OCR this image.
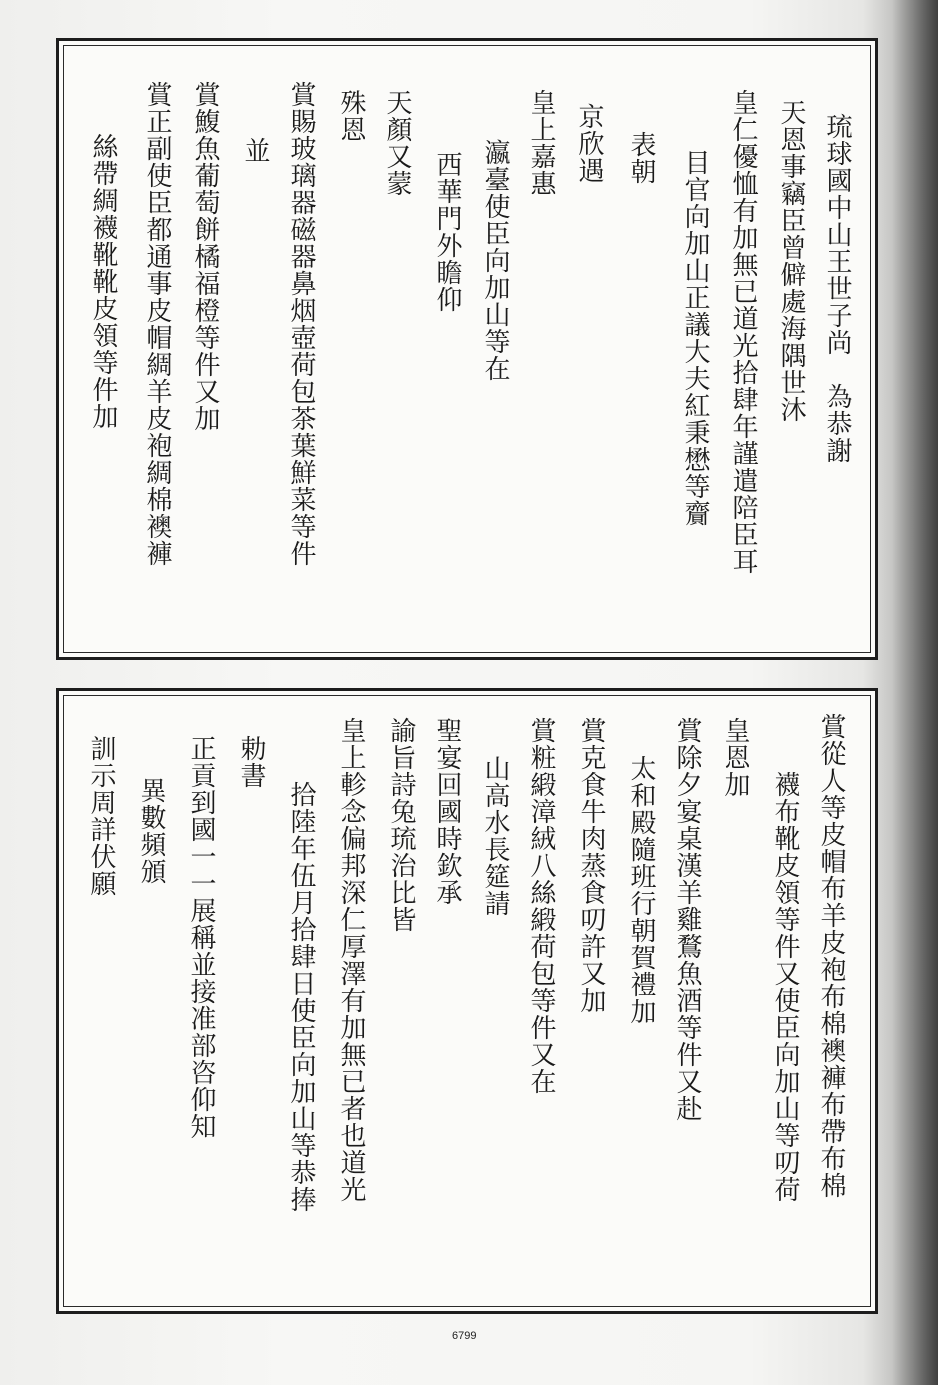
琉球國中山王世子尚　為恭謝
天恩事竊臣曾僻處海隅世沐
皇仁優恤有加無已道光拾肆年謹遣陪臣耳
目官向加山正議大夫紅秉懋等齎
表朝
京欣遇
皇上嘉惠
瀛臺使臣向加山等在
西華門外瞻仰
天顏又蒙
殊恩
賞賜玻璃器磁器鼻烟壺荷包茶葉鮮菜等件
並
賞鰒魚葡萄餅橘福橙等件又加
賞正副使臣都通事皮帽綢羊皮袍綢棉襖褲
絲帶綢襪靴靴皮領等件加
賞從人等皮帽布羊皮袍布棉襖褲布帶布棉
襪布靴皮領等件又使臣向加山等叨荷
皇恩加
賞除夕宴桌漢羊雞鶩魚酒等件又赴
太和殿隨班行朝賀禮加
賞克食牛肉蒸食叨許又加
賞粧緞漳絨八絲緞荷包等件又在
山高水長筵請
聖宴回國時欽承
諭旨詩兔琉治比皆
皇上軫念偏邦深仁厚澤有加無已者也道光
拾陸年伍月拾肆日使臣向加山等恭捧
勅書
正貢到國一一展稱並接准部咨仰知
異數頻頒
訓示周詳伏願
6799
